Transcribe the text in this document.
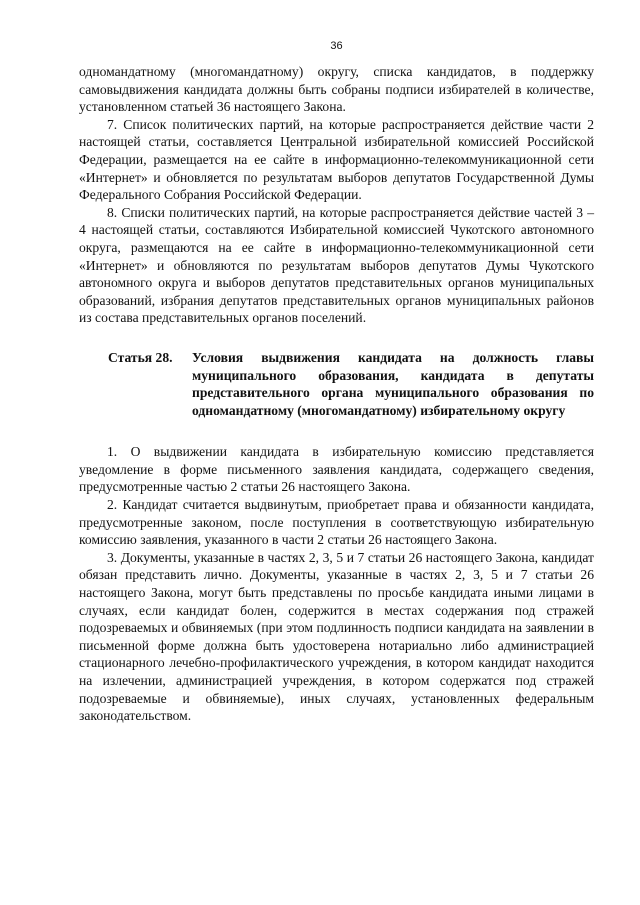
36

одномандатному (многомандатному) округу, списка кандидатов, в поддержку самовыдвижения кандидата должны быть собраны подписи избирателей в количестве, установленном статьей 36 настоящего Закона.

7. Список политических партий, на которые распространяется действие части 2 настоящей статьи, составляется Центральной избирательной комиссией Российской Федерации, размещается на ее сайте в информационно-телекоммуникационной сети «Интернет» и обновляется по результатам выборов депутатов Государственной Думы Федерального Собрания Российской Федерации.

8. Списки политических партий, на которые распространяется действие частей 3 – 4 настоящей статьи, составляются Избирательной комиссией Чукотского автономного округа, размещаются на ее сайте в информационно-телекоммуникационной сети «Интернет» и обновляются по результатам выборов депутатов Думы Чукотского автономного округа и выборов депутатов представительных органов муниципальных образований, избрания депутатов представительных органов муниципальных районов из состава представительных органов поселений.

Статья 28.	Условия выдвижения кандидата на должность главы муниципального образования, кандидата в депутаты представительного органа муниципального образования по одномандатному (многомандатному) избирательному округу

1. О выдвижении кандидата в избирательную комиссию представляется уведомление в форме письменного заявления кандидата, содержащего сведения, предусмотренные частью 2 статьи 26 настоящего Закона.

2. Кандидат считается выдвинутым, приобретает права и обязанности кандидата, предусмотренные законом, после поступления в соответствующую избирательную комиссию заявления, указанного в части 2 статьи 26 настоящего Закона.

3. Документы, указанные в частях 2, 3, 5 и 7 статьи 26 настоящего Закона, кандидат обязан представить лично. Документы, указанные в частях 2, 3, 5 и 7 статьи 26 настоящего Закона, могут быть представлены по просьбе кандидата иными лицами в случаях, если кандидат болен, содержится в местах содержания под стражей подозреваемых и обвиняемых (при этом подлинность подписи кандидата на заявлении в письменной форме должна быть удостоверена нотариально либо администрацией стационарного лечебно-профилактического учреждения, в котором кандидат находится на излечении, администрацией учреждения, в котором содержатся под стражей подозреваемые и обвиняемые), иных случаях, установленных федеральным законодательством.
